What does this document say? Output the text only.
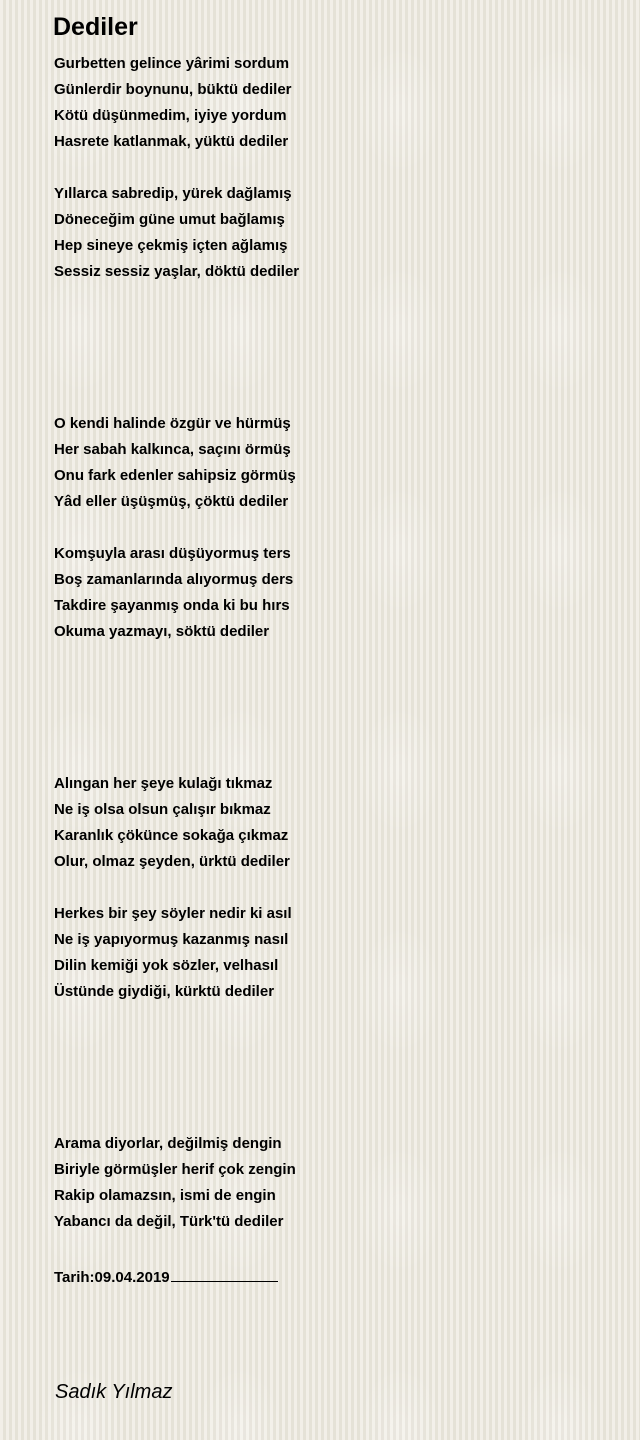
Dediler
Gurbetten gelince yârimi sordum
Günlerdir boynunu, büktü dediler
Kötü düşünmedim, iyiye yordum
Hasrete katlanmak, yüktü dediler
Yıllarca sabredip, yürek dağlamış
Döneceğim güne umut bağlamış
Hep sineye çekmiş içten ağlamış
Sessiz sessiz yaşlar, döktü dediler
O kendi halinde özgür ve hürmüş
Her sabah kalkınca, saçını örmüş
Onu fark edenler sahipsiz görmüş
Yâd eller üşüşmüş, çöktü dediler
Komşuyla arası düşüyormuş ters
Boş zamanlarında alıyormuş ders
Takdire şayanmış onda ki bu hırs
Okuma yazmayı, söktü dediler
Alıngan her şeye kulağı tıkmaz
Ne iş olsa olsun çalışır bıkmaz
Karanlık çökünce sokağa çıkmaz
Olur, olmaz şeyden, ürktü dediler
Herkes bir şey söyler nedir ki asıl
Ne iş yapıyormuş kazanmış nasıl
Dilin kemiği yok sözler, velhasıl
Üstünde giydiği, kürktü dediler
Arama diyorlar, değilmiş dengin
Biriyle görmüşler herif çok zengin
Rakip olamazsın, ismi de engin
Yabancı da değil, Türk'tü dediler
Tarih:09.04.2019
Sadık Yılmaz
